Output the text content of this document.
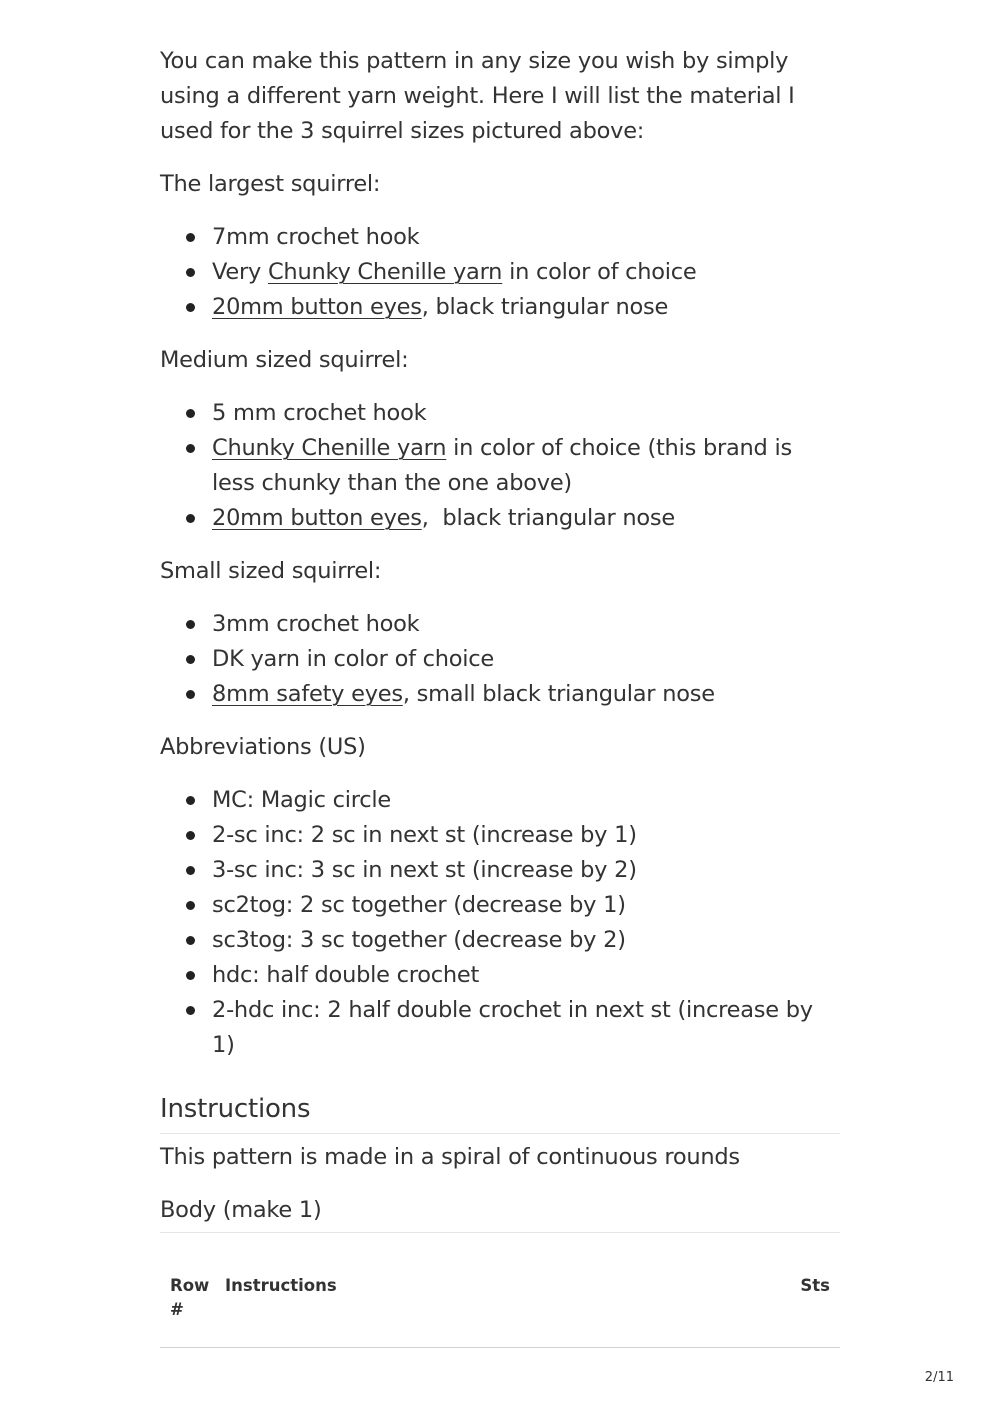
You can make this pattern in any size you wish by simply using a different yarn weight. Here I will list the material I used for the 3 squirrel sizes pictured above:

The largest squirrel:

7mm crochet hook
Very Chunky Chenille yarn in color of choice
20mm button eyes, black triangular nose

Medium sized squirrel:

5 mm crochet hook
Chunky Chenille yarn in color of choice (this brand is less chunky than the one above)
20mm button eyes,  black triangular nose

Small sized squirrel:

3mm crochet hook
DK yarn in color of choice
8mm safety eyes, small black triangular nose

Abbreviations (US)

MC: Magic circle
2-sc inc: 2 sc in next st (increase by 1)
3-sc inc: 3 sc in next st (increase by 2)
sc2tog: 2 sc together (decrease by 1)
sc3tog: 3 sc together (decrease by 2)
hdc: half double crochet
2-hdc inc: 2 half double crochet in next st (increase by 1)
Instructions

This pattern is made in a spiral of continuous rounds

Body (make 1)

Row #	Instructions	Sts
2/11
